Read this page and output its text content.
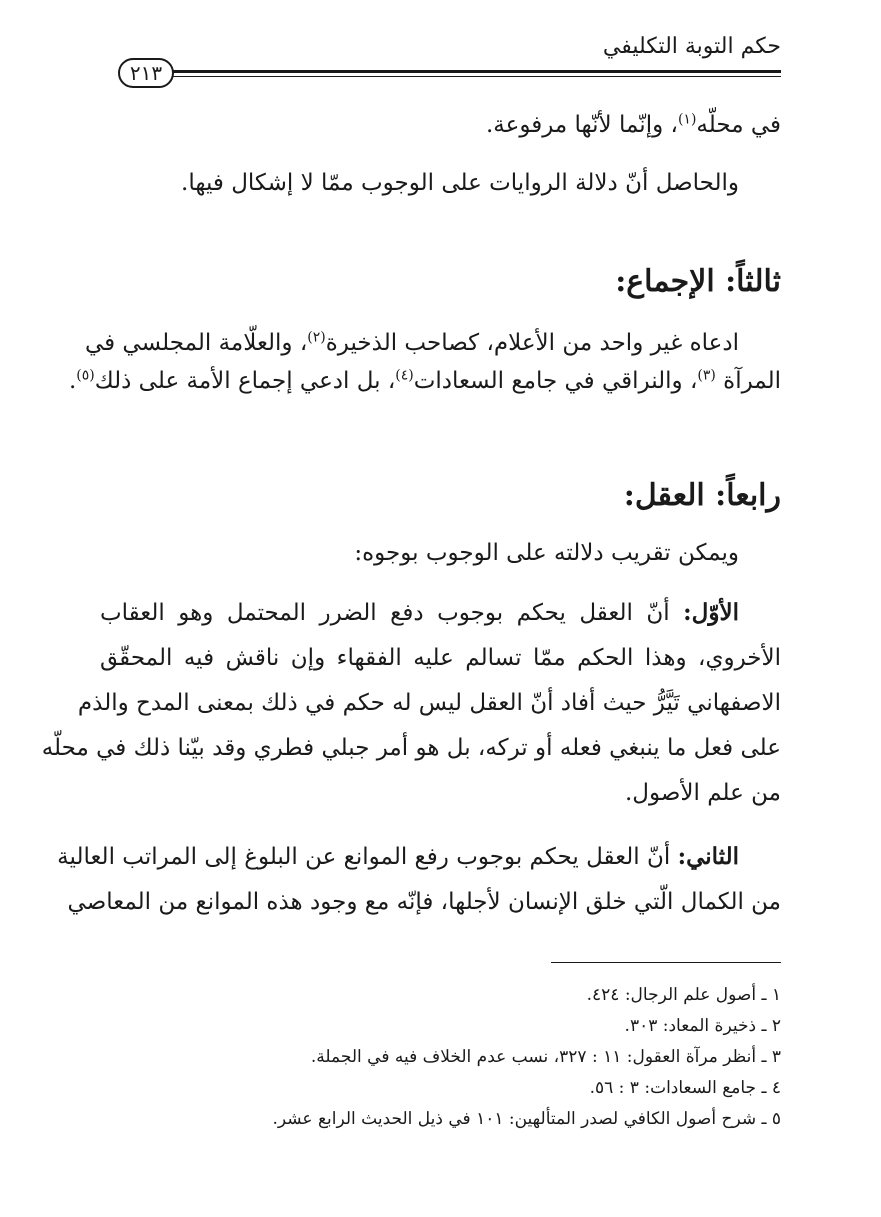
حكم التوبة التكليفي
٢١٣
في محلّه$^{(١)}$، وإنّما لأنّها مرفوعة.
والحاصل أنّ دلالة الروايات على الوجوب ممّا لا إشكال فيها.
ثالثاً: الإجماع:
ادعاه غير واحد من الأعلام، كصاحب الذخيرة$^{(٢)}$، والعلّامة المجلسي في
المرآة $^{(٣)}$، والنراقي في جامع السعادات$^{(٤)}$، بل ادعي إجماع الأمة على ذلك$^{(٥)}$.
رابعاً: العقل:
ويمكن تقريب دلالته على الوجوب بوجوه:
الأوّل: أنّ العقل يحكم بوجوب دفع الضرر المحتمل وهو العقاب
الأخروي، وهذا الحكم ممّا تسالم عليه الفقهاء وإن ناقش فيه المحقّق
الاصفهاني تَيَّرُّ حيث أفاد أنّ العقل ليس له حكم في ذلك بمعنى المدح والذم
على فعل ما ينبغي فعله أو تركه، بل هو أمر جبلي فطري وقد بيّنا ذلك في محلّه
من علم الأصول.
الثاني: أنّ العقل يحكم بوجوب رفع الموانع عن البلوغ إلى المراتب العالية
من الكمال الّتي خلق الإنسان لأجلها، فإنّه مع وجود هذه الموانع من المعاصي
١ ـ أصول علم الرجال: ٤٢٤.
٢ ـ ذخيرة المعاد: ٣٠٣.
٣ ـ أنظر مرآة العقول: ١١ : ٣٢٧، نسب عدم الخلاف فيه في الجملة.
٤ ـ جامع السعادات: ٣ : ٥٦.
٥ ـ شرح أصول الكافي لصدر المتألهين: ١٠١ في ذيل الحديث الرابع عشر.
